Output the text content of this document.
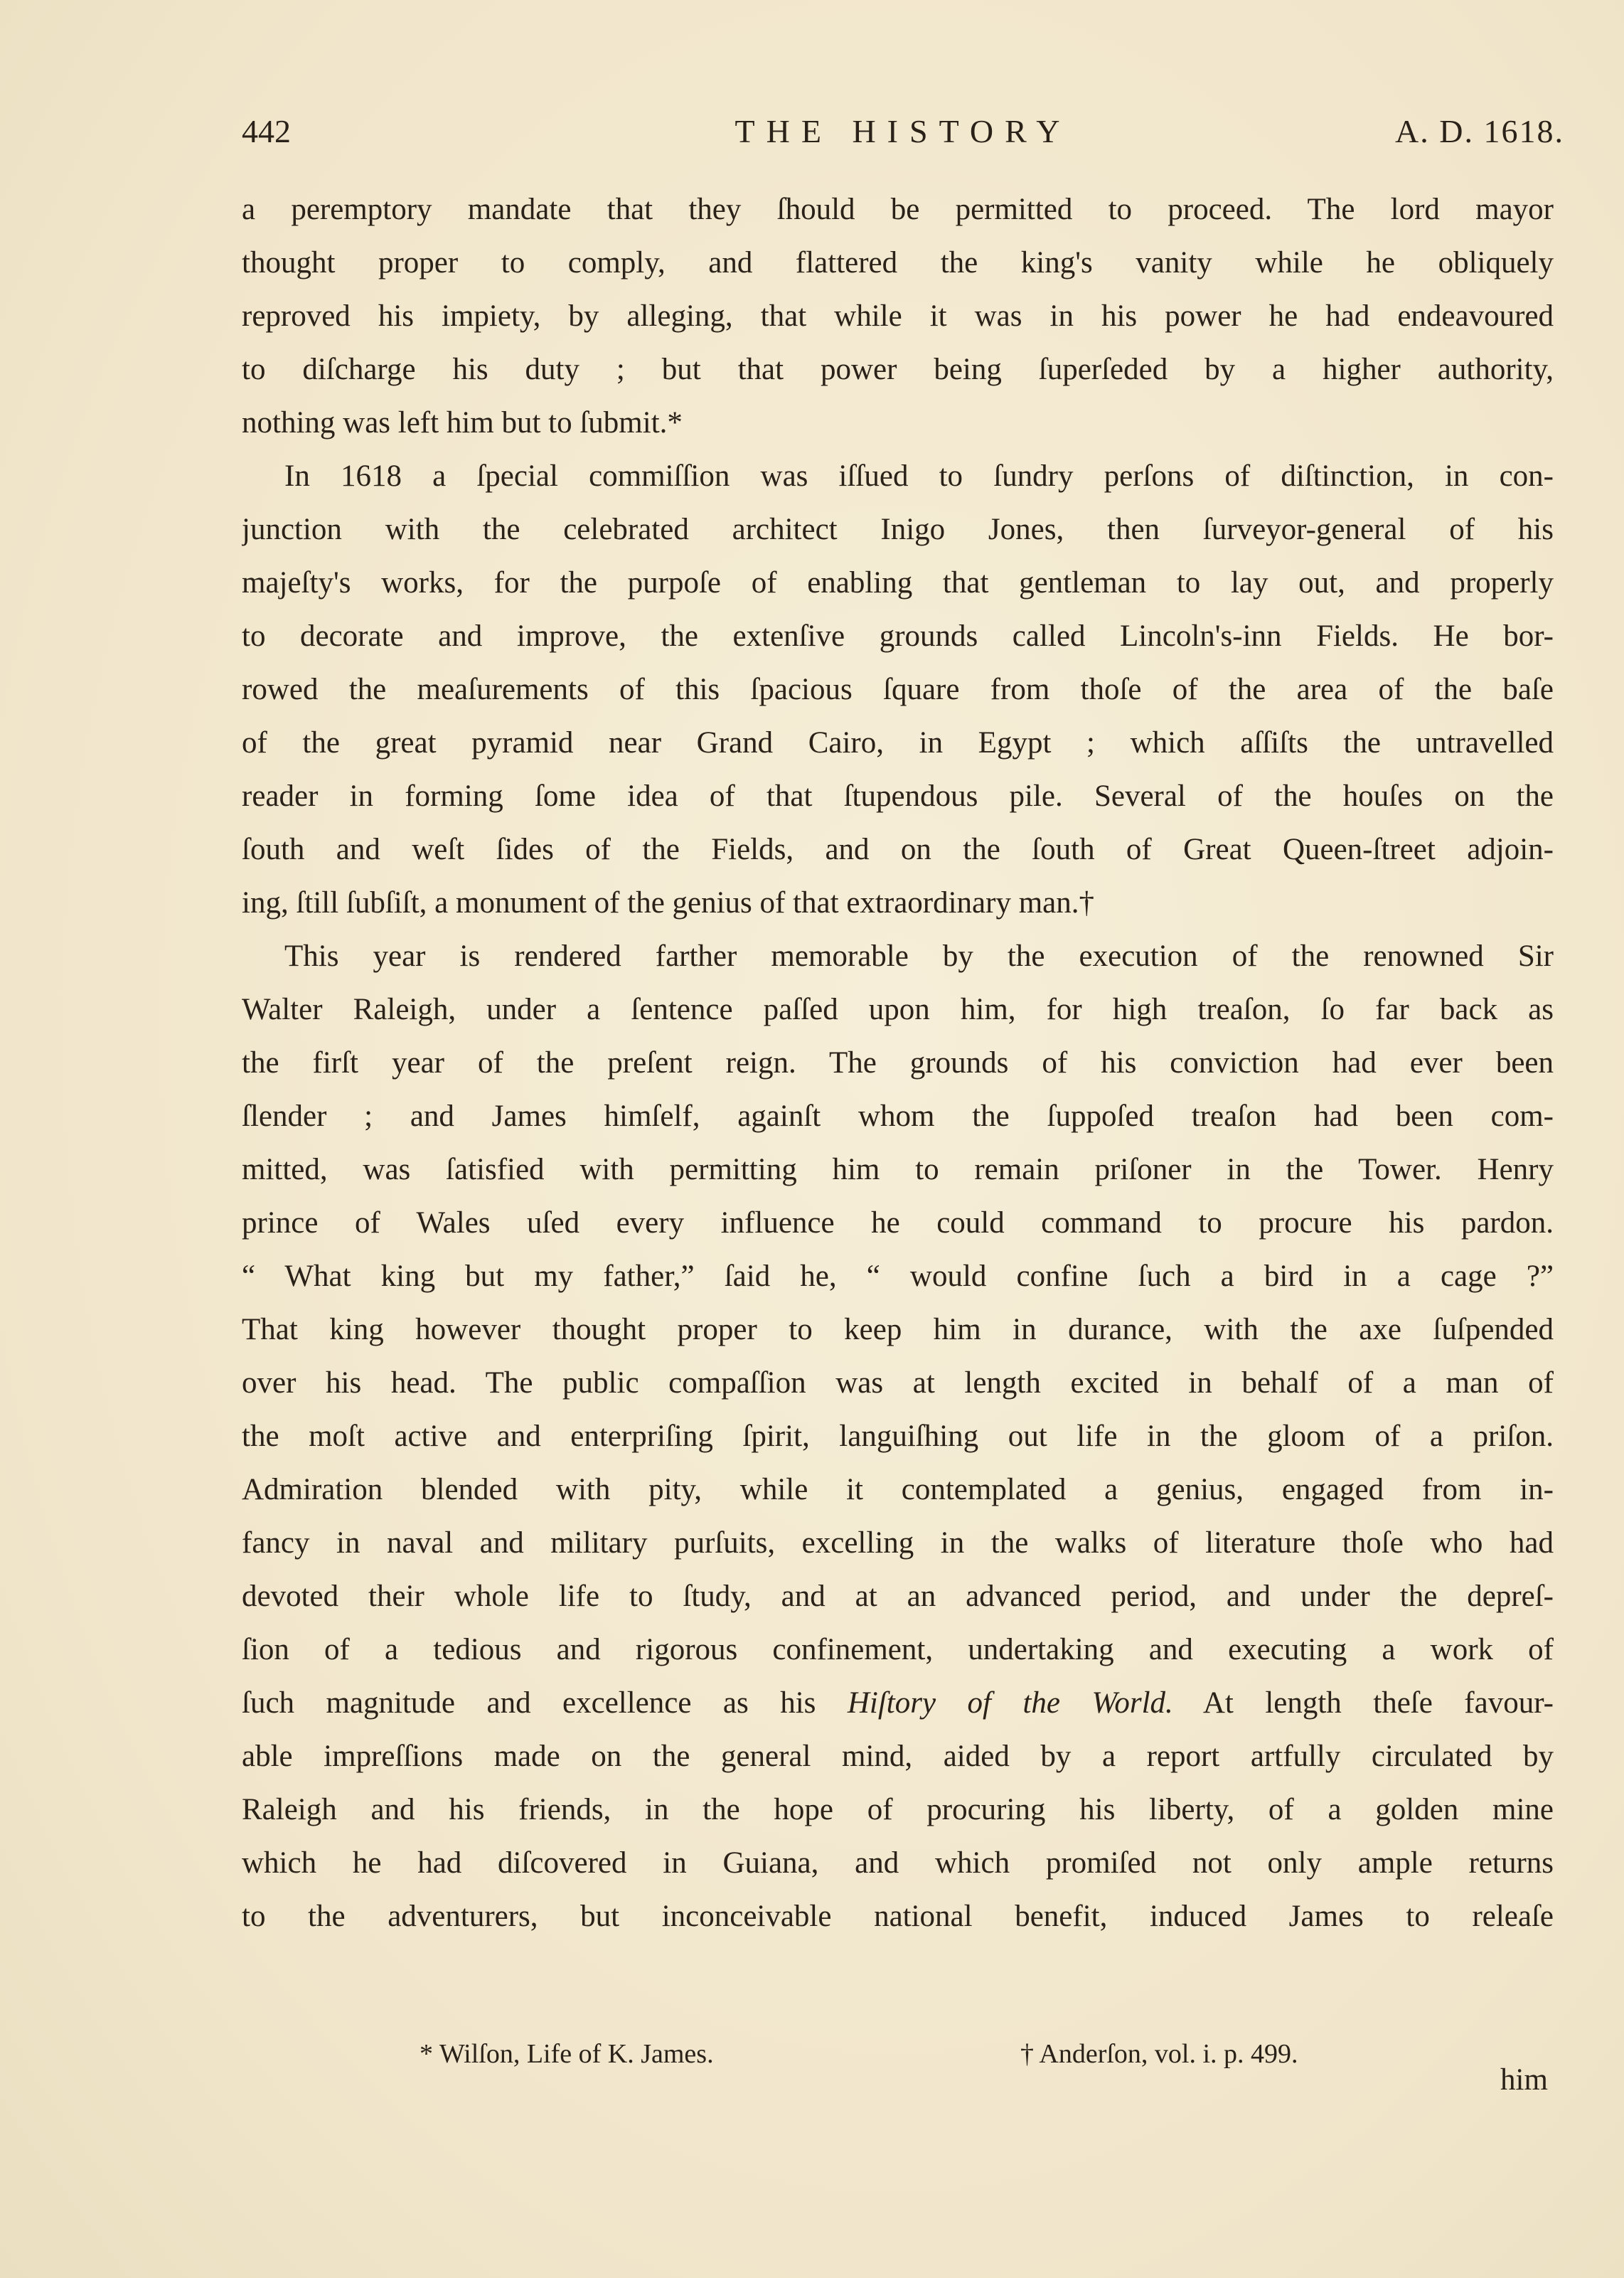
442	THE HISTORY	A. D. 1618.
a peremptory mandate that they ſhould be permitted to proceed. The lord mayor
thought proper to comply, and flattered the king's vanity while he obliquely
reproved his impiety, by alleging, that while it was in his power he had endeavoured
to diſcharge his duty ; but that power being ſuperſeded by a higher authority,
nothing was left him but to ſubmit.*
In 1618 a ſpecial commiſſion was iſſued to ſundry perſons of diſtinction, in con-
junction with the celebrated architect Inigo Jones, then ſurveyor-general of his
majeſty's works, for the purpoſe of enabling that gentleman to lay out, and properly
to decorate and improve, the extenſive grounds called Lincoln's-inn Fields. He bor-
rowed the meaſurements of this ſpacious ſquare from thoſe of the area of the baſe
of the great pyramid near Grand Cairo, in Egypt ; which aſſiſts the untravelled
reader in forming ſome idea of that ſtupendous pile. Several of the houſes on the
ſouth and weſt ſides of the Fields, and on the ſouth of Great Queen-ſtreet adjoin-
ing, ſtill ſubſiſt, a monument of the genius of that extraordinary man.†
This year is rendered farther memorable by the execution of the renowned Sir
Walter Raleigh, under a ſentence paſſed upon him, for high treaſon, ſo far back as
the firſt year of the preſent reign. The grounds of his conviction had ever been
ſlender ; and James himſelf, againſt whom the ſuppoſed treaſon had been com-
mitted, was ſatisfied with permitting him to remain priſoner in the Tower. Henry
prince of Wales uſed every influence he could command to procure his pardon.
“ What king but my father,” ſaid he, “ would confine ſuch a bird in a cage ?”
That king however thought proper to keep him in durance, with the axe ſuſpended
over his head. The public compaſſion was at length excited in behalf of a man of
the moſt active and enterpriſing ſpirit, languiſhing out life in the gloom of a priſon.
Admiration blended with pity, while it contemplated a genius, engaged from in-
fancy in naval and military purſuits, excelling in the walks of literature thoſe who had
devoted their whole life to ſtudy, and at an advanced period, and under the depreſ-
ſion of a tedious and rigorous confinement, undertaking and executing a work of
ſuch magnitude and excellence as his Hiſtory of the World. At length theſe favour-
able impreſſions made on the general mind, aided by a report artfully circulated by
Raleigh and his friends, in the hope of procuring his liberty, of a golden mine
which he had diſcovered in Guiana, and which promiſed not only ample returns
to the adventurers, but inconceivable national benefit, induced James to releaſe
* Wilſon, Life of K. James.	† Anderſon, vol. i. p. 499.
him
